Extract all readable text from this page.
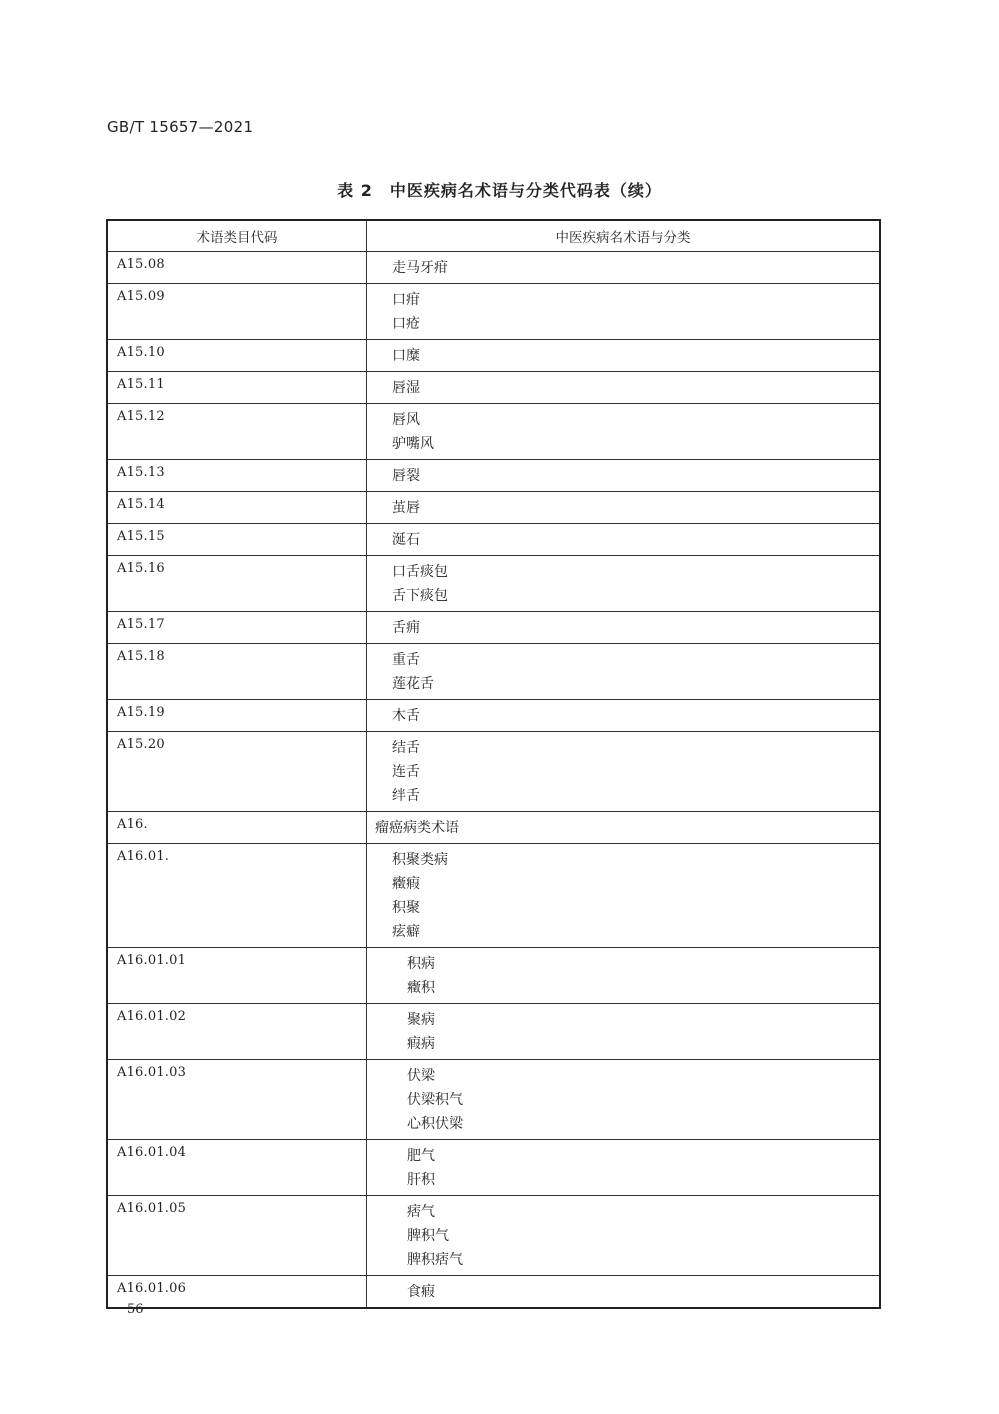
GB/T 15657—2021
表 2　中医疾病名术语与分类代码表（续）
术语类目代码	中医疾病名术语与分类
A15.08	走马牙疳

A15.09	口疳
口疮

A15.10	口糜

A15.11	唇湿

A15.12	唇风
驴嘴风

A15.13	唇裂

A15.14	茧唇

A15.15	涎石

A15.16	口舌痰包
舌下痰包

A15.17	舌痈

A15.18	重舌
莲花舌

A15.19	木舌

A15.20	结舌
连舌
绊舌

A16.	瘤癌病类术语

A16.01.	积聚类病
癥瘕
积聚
痃癖

A16.01.01	积病
癥积

A16.01.02	聚病
瘕病

A16.01.03	伏梁
伏梁积气
心积伏梁

A16.01.04	肥气
肝积

A16.01.05	痞气
脾积气
脾积痞气

A16.01.06	食瘕
56
